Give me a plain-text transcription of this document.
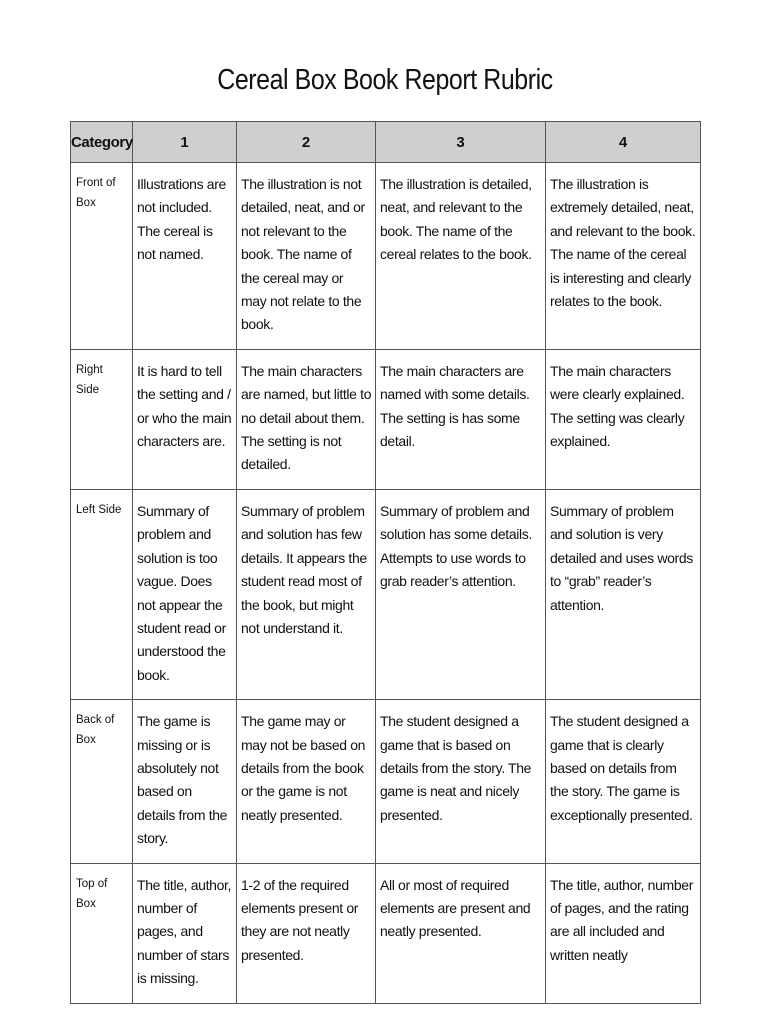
Cereal Box Book Report Rubric
Category	1	2	3	4
Front of Box	Illustrations are not included. The cereal is not named.	The illustration is not detailed, neat, and or not relevant to the book. The name of the cereal may or may not relate to the book.	The illustration is detailed, neat, and relevant to the book. The name of the cereal relates to the book.	The illustration is extremely detailed, neat, and relevant to the book. The name of the cereal is interesting and clearly relates to the book.
Right Side	It is hard to tell the setting and / or who the main characters are.	The main characters are named, but little to no detail about them. The setting is not detailed.	The main characters are named with some details. The setting is has some detail.	The main characters were clearly explained. The setting was clearly explained.
Left Side	Summary of problem and solution is too vague. Does not appear the student read or understood the book.	Summary of problem and solution has few details. It appears the student read most of the book, but might not understand it.	Summary of problem and solution has some details. Attempts to use words to grab reader’s attention.	Summary of problem and solution is very detailed and uses words to “grab” reader’s attention.
Back of Box	The game is missing or is absolutely not based on details from the story.	The game may or may not be based on details from the book or the game is not neatly presented.	The student designed a game that is based on details from the story. The game is neat and nicely presented.	The student designed a game that is clearly based on details from the story. The game is exceptionally presented.
Top of Box	The title, author, number of pages, and number of stars is missing.	1-2 of the required elements present or they are not neatly presented.	All or most of required elements are present and neatly presented.	The title, author, number of pages, and the rating are all included and written neatly
